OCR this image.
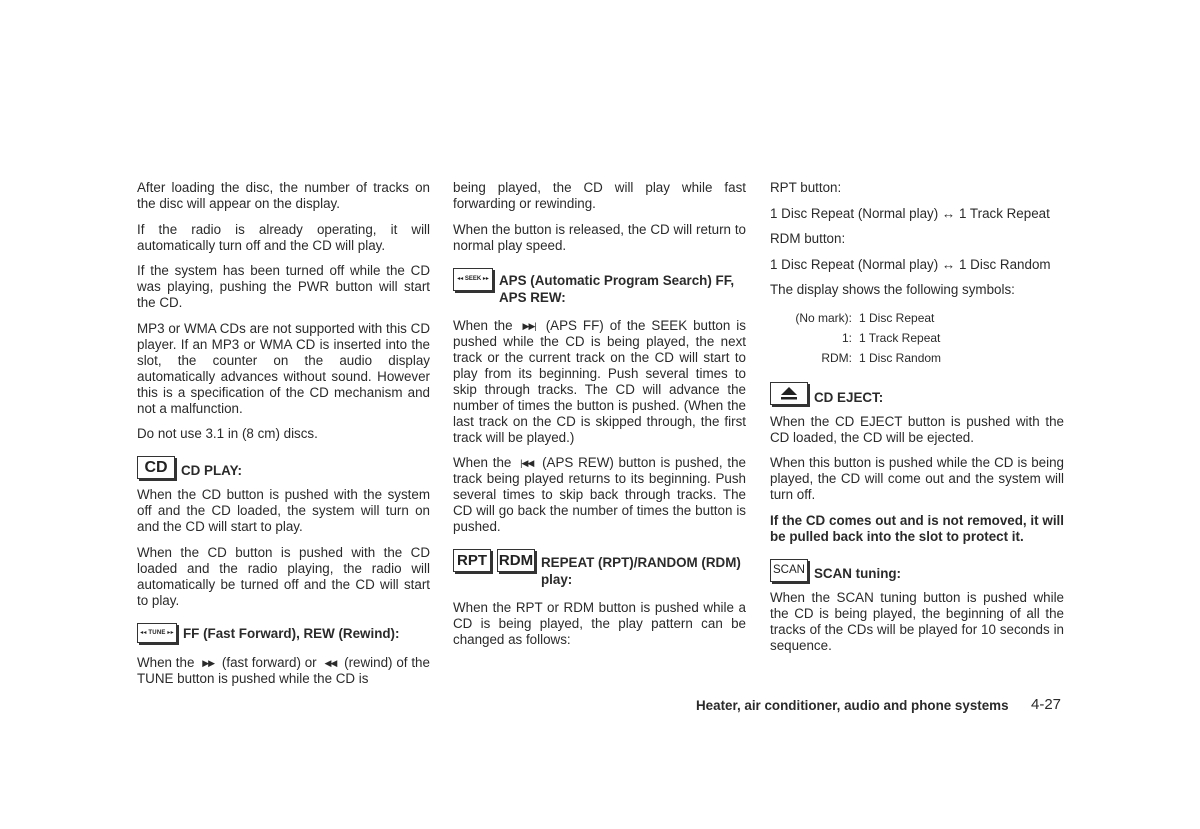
After loading the disc, the number of tracks on the disc will appear on the display.

If the radio is already operating, it will automatically turn off and the CD will play.

If the system has been turned off while the CD was playing, pushing the PWR button will start the CD.

MP3 or WMA CDs are not supported with this CD player. If an MP3 or WMA CD is inserted into the slot, the counter on the audio display automatically advances without sound. However this is a specification of the CD mechanism and not a malfunction.

Do not use 3.1 in (8 cm) discs.

CD	CD PLAY:

When the CD button is pushed with the system off and the CD loaded, the system will turn on and the CD will start to play.

When the CD button is pushed with the CD loaded and the radio playing, the radio will automatically be turned off and the CD will start to play.

◂◂ TUNE ▸▸ FF (Fast Forward), REW (Rewind):

When the ▶▶ (fast forward) or ◀◀ (rewind) of the TUNE button is pushed while the CD is

being played, the CD will play while fast forwarding or rewinding.

When the button is released, the CD will return to normal play speed.

◂◂ SEEK ▸▸ APS (Automatic Program Search) FF, APS REW:

When the ▶▶| (APS FF) of the SEEK button is pushed while the CD is being played, the next track or the current track on the CD will start to play from its beginning. Push several times to skip through tracks. The CD will advance the number of times the button is pushed. (When the last track on the CD is skipped through, the first track will be played.)

When the |◀◀ (APS REW) button is pushed, the track being played returns to its beginning. Push several times to skip back through tracks. The CD will go back the number of times the button is pushed.

RPT RDM REPEAT (RPT)/RANDOM (RDM) play:

When the RPT or RDM button is pushed while a CD is being played, the play pattern can be changed as follows:

RPT button:

1 Disc Repeat (Normal play) ↔ 1 Track Repeat

RDM button:

1 Disc Repeat (Normal play) ↔ 1 Disc Random

The display shows the following symbols:

(No mark): 1 Disc Repeat
1: 1 Track Repeat
RDM: 1 Disc Random
CD EJECT:

When the CD EJECT button is pushed with the CD loaded, the CD will be ejected.

When this button is pushed while the CD is being played, the CD will come out and the system will turn off.

If the CD comes out and is not removed, it will be pulled back into the slot to protect it.

SCAN SCAN tuning:

When the SCAN tuning button is pushed while the CD is being played, the beginning of all the tracks of the CDs will be played for 10 seconds in sequence.

Heater, air conditioner, audio and phone systems 4-27
